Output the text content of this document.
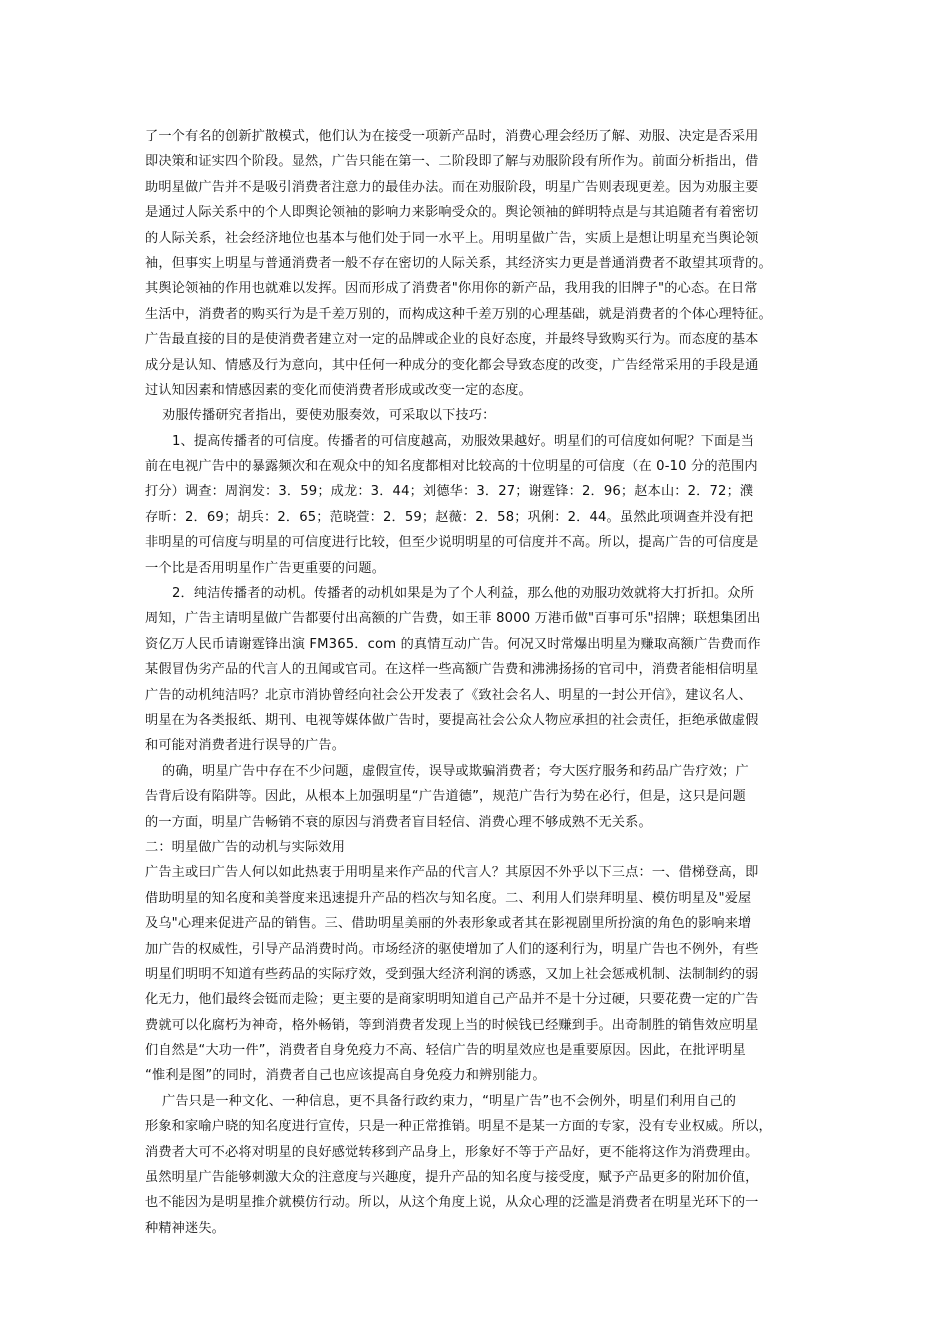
了一个有名的创新扩散模式，他们认为在接受一项新产品时，消费心理会经历了解、劝服、决定是否采用
即决策和证实四个阶段。显然，广告只能在第一、二阶段即了解与劝服阶段有所作为。前面分析指出，借
助明星做广告并不是吸引消费者注意力的最佳办法。而在劝服阶段，明星广告则表现更差。因为劝服主要
是通过人际关系中的个人即舆论领袖的影响力来影响受众的。舆论领袖的鲜明特点是与其追随者有着密切
的人际关系，社会经济地位也基本与他们处于同一水平上。用明星做广告，实质上是想让明星充当舆论领
袖，但事实上明星与普通消费者一般不存在密切的人际关系，其经济实力更是普通消费者不敢望其项背的。
其舆论领袖的作用也就难以发挥。因而形成了消费者"你用你的新产品，我用我的旧牌子"的心态。在日常
生活中，消费者的购买行为是千差万别的，而构成这种千差万别的心理基础，就是消费者的个体心理特征。
广告最直接的目的是使消费者建立对一定的品牌或企业的良好态度，并最终导致购买行为。而态度的基本
成分是认知、情感及行为意向，其中任何一种成分的变化都会导致态度的改变，广告经常采用的手段是通
过认知因素和情感因素的变化而使消费者形成或改变一定的态度。
劝服传播研究者指出，要使劝服奏效，可采取以下技巧：
1、提高传播者的可信度。传播者的可信度越高，劝服效果越好。明星们的可信度如何呢？下面是当
前在电视广告中的暴露频次和在观众中的知名度都相对比较高的十位明星的可信度（在 0-10 分的范围内
打分）调查：周润发：3．59；成龙：3．44；刘德华：3．27；谢霆锋：2．96；赵本山：2．72；濮
存昕：2．69；胡兵：2．65；范晓萱：2．59；赵薇：2．58；巩俐：2．44。虽然此项调查并没有把
非明星的可信度与明星的可信度进行比较，但至少说明明星的可信度并不高。所以，提高广告的可信度是
一个比是否用明星作广告更重要的问题。
2．纯洁传播者的动机。传播者的动机如果是为了个人利益，那么他的劝服功效就将大打折扣。众所
周知，广告主请明星做广告都要付出高额的广告费，如王菲 8000 万港币做"百事可乐"招牌；联想集团出
资亿万人民币请谢霆锋出演 FM365．com 的真情互动广告。何况又时常爆出明星为赚取高额广告费而作
某假冒伪劣产品的代言人的丑闻或官司。在这样一些高额广告费和沸沸扬扬的官司中，消费者能相信明星
广告的动机纯洁吗？北京市消协曾经向社会公开发表了《致社会名人、明星的一封公开信》，建议名人、
明星在为各类报纸、期刊、电视等媒体做广告时，要提高社会公众人物应承担的社会责任，拒绝承做虚假
和可能对消费者进行误导的广告。
的确，明星广告中存在不少问题，虚假宣传，误导或欺骗消费者；夸大医疗服务和药品广告疗效；广
告背后设有陷阱等。因此，从根本上加强明星“广告道德”，规范广告行为势在必行，但是，这只是问题
的一方面，明星广告畅销不衰的原因与消费者盲目轻信、消费心理不够成熟不无关系。
二：明星做广告的动机与实际效用
广告主或曰广告人何以如此热衷于用明星来作产品的代言人？其原因不外乎以下三点：一、借梯登高，即
借助明星的知名度和美誉度来迅速提升产品的档次与知名度。二、利用人们崇拜明星、模仿明星及"爱屋
及乌"心理来促进产品的销售。三、借助明星美丽的外表形象或者其在影视剧里所扮演的角色的影响来增
加广告的权威性，引导产品消费时尚。市场经济的驱使增加了人们的逐利行为，明星广告也不例外，有些
明星们明明不知道有些药品的实际疗效，受到强大经济利润的诱惑，又加上社会惩戒机制、法制制约的弱
化无力，他们最终会铤而走险；更主要的是商家明明知道自己产品并不是十分过硬，只要花费一定的广告
费就可以化腐朽为神奇，格外畅销，等到消费者发现上当的时候钱已经赚到手。出奇制胜的销售效应明星
们自然是“大功一件”，消费者自身免疫力不高、轻信广告的明星效应也是重要原因。因此，在批评明星
“惟利是图”的同时，消费者自己也应该提高自身免疫力和辨别能力。
广告只是一种文化、一种信息，更不具备行政约束力，“明星广告”也不会例外，明星们利用自己的
形象和家喻户晓的知名度进行宣传，只是一种正常推销。明星不是某一方面的专家，没有专业权威。所以，
消费者大可不必将对明星的良好感觉转移到产品身上，形象好不等于产品好，更不能将这作为消费理由。
虽然明星广告能够刺激大众的注意度与兴趣度，提升产品的知名度与接受度，赋予产品更多的附加价值，
也不能因为是明星推介就模仿行动。所以，从这个角度上说，从众心理的泛滥是消费者在明星光环下的一
种精神迷失。
